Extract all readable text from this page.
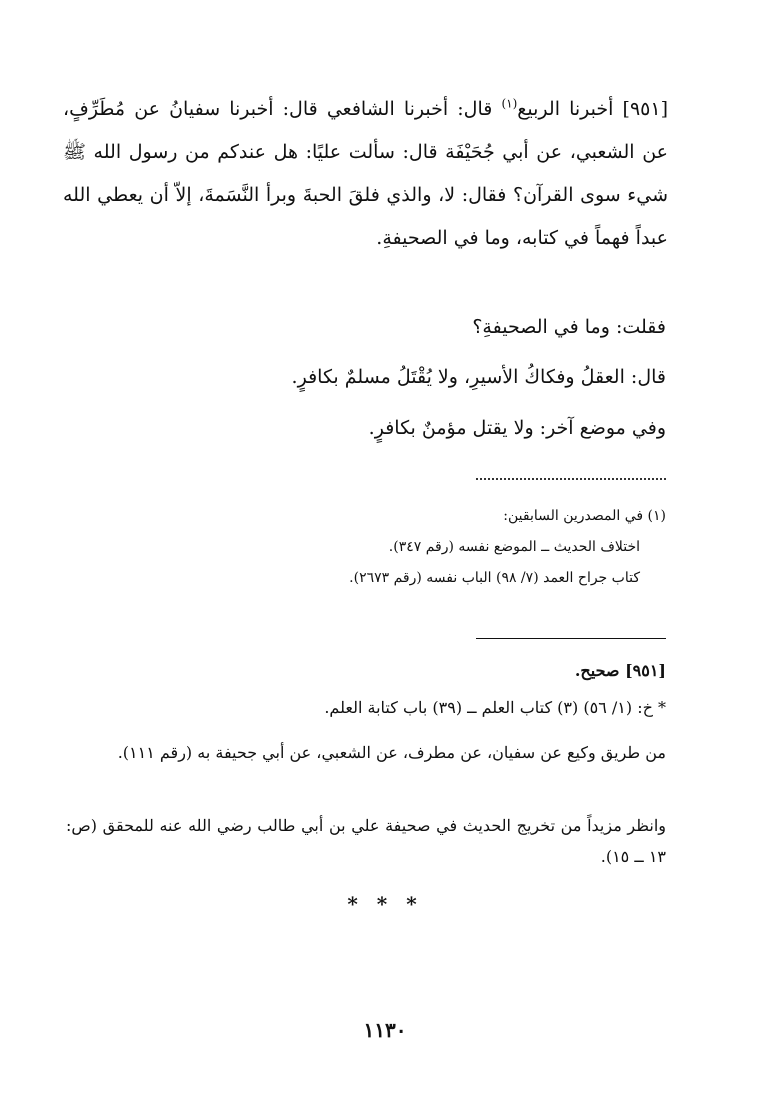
[٩٥١] أخبرنا الربيع$^{(١)}$ قال: أخبرنا الشافعي قال: أخبرنا سفيانُ عن مُطَرِّفٍ، عن الشعبي، عن أبي جُحَيْفَة قال: سألت عليًا: هل عندكم من رسول الله ﷺ شيء سوى القرآن؟ فقال: لا، والذي فلقَ الحبةَ وبرأ النَّسَمةَ، إلاّ أن يعطي الله عبداً فهماً في كتابه، وما في الصحيفةِ.

فقلت: وما في الصحيفةِ؟

قال: العقلُ وفكاكُ الأسيرِ، ولا يُقْتَلُ مسلمٌ بكافرٍ.

وفي موضع آخر: ولا يقتل مؤمنٌ بكافرٍ.

(١) في المصدرين السابقين:

اختلاف الحديث ــ الموضع نفسه (رقم ٣٤٧).

كتاب جراح العمد (٧/ ٩٨) الباب نفسه (رقم ٢٦٧٣).

[٩٥١] صحيح.

* خ: (١/ ٥٦) (٣) كتاب العلم ــ (٣٩) باب كتابة العلم.

من طريق وكيع عن سفيان، عن مطرف، عن الشعبي، عن أبي جحيفة به (رقم ١١١).

وانظر مزيداً من تخريج الحديث في صحيفة علي بن أبي طالب رضي الله عنه للمحقق (ص: ١٣ ــ ١٥).

* * *
١١٣٠
